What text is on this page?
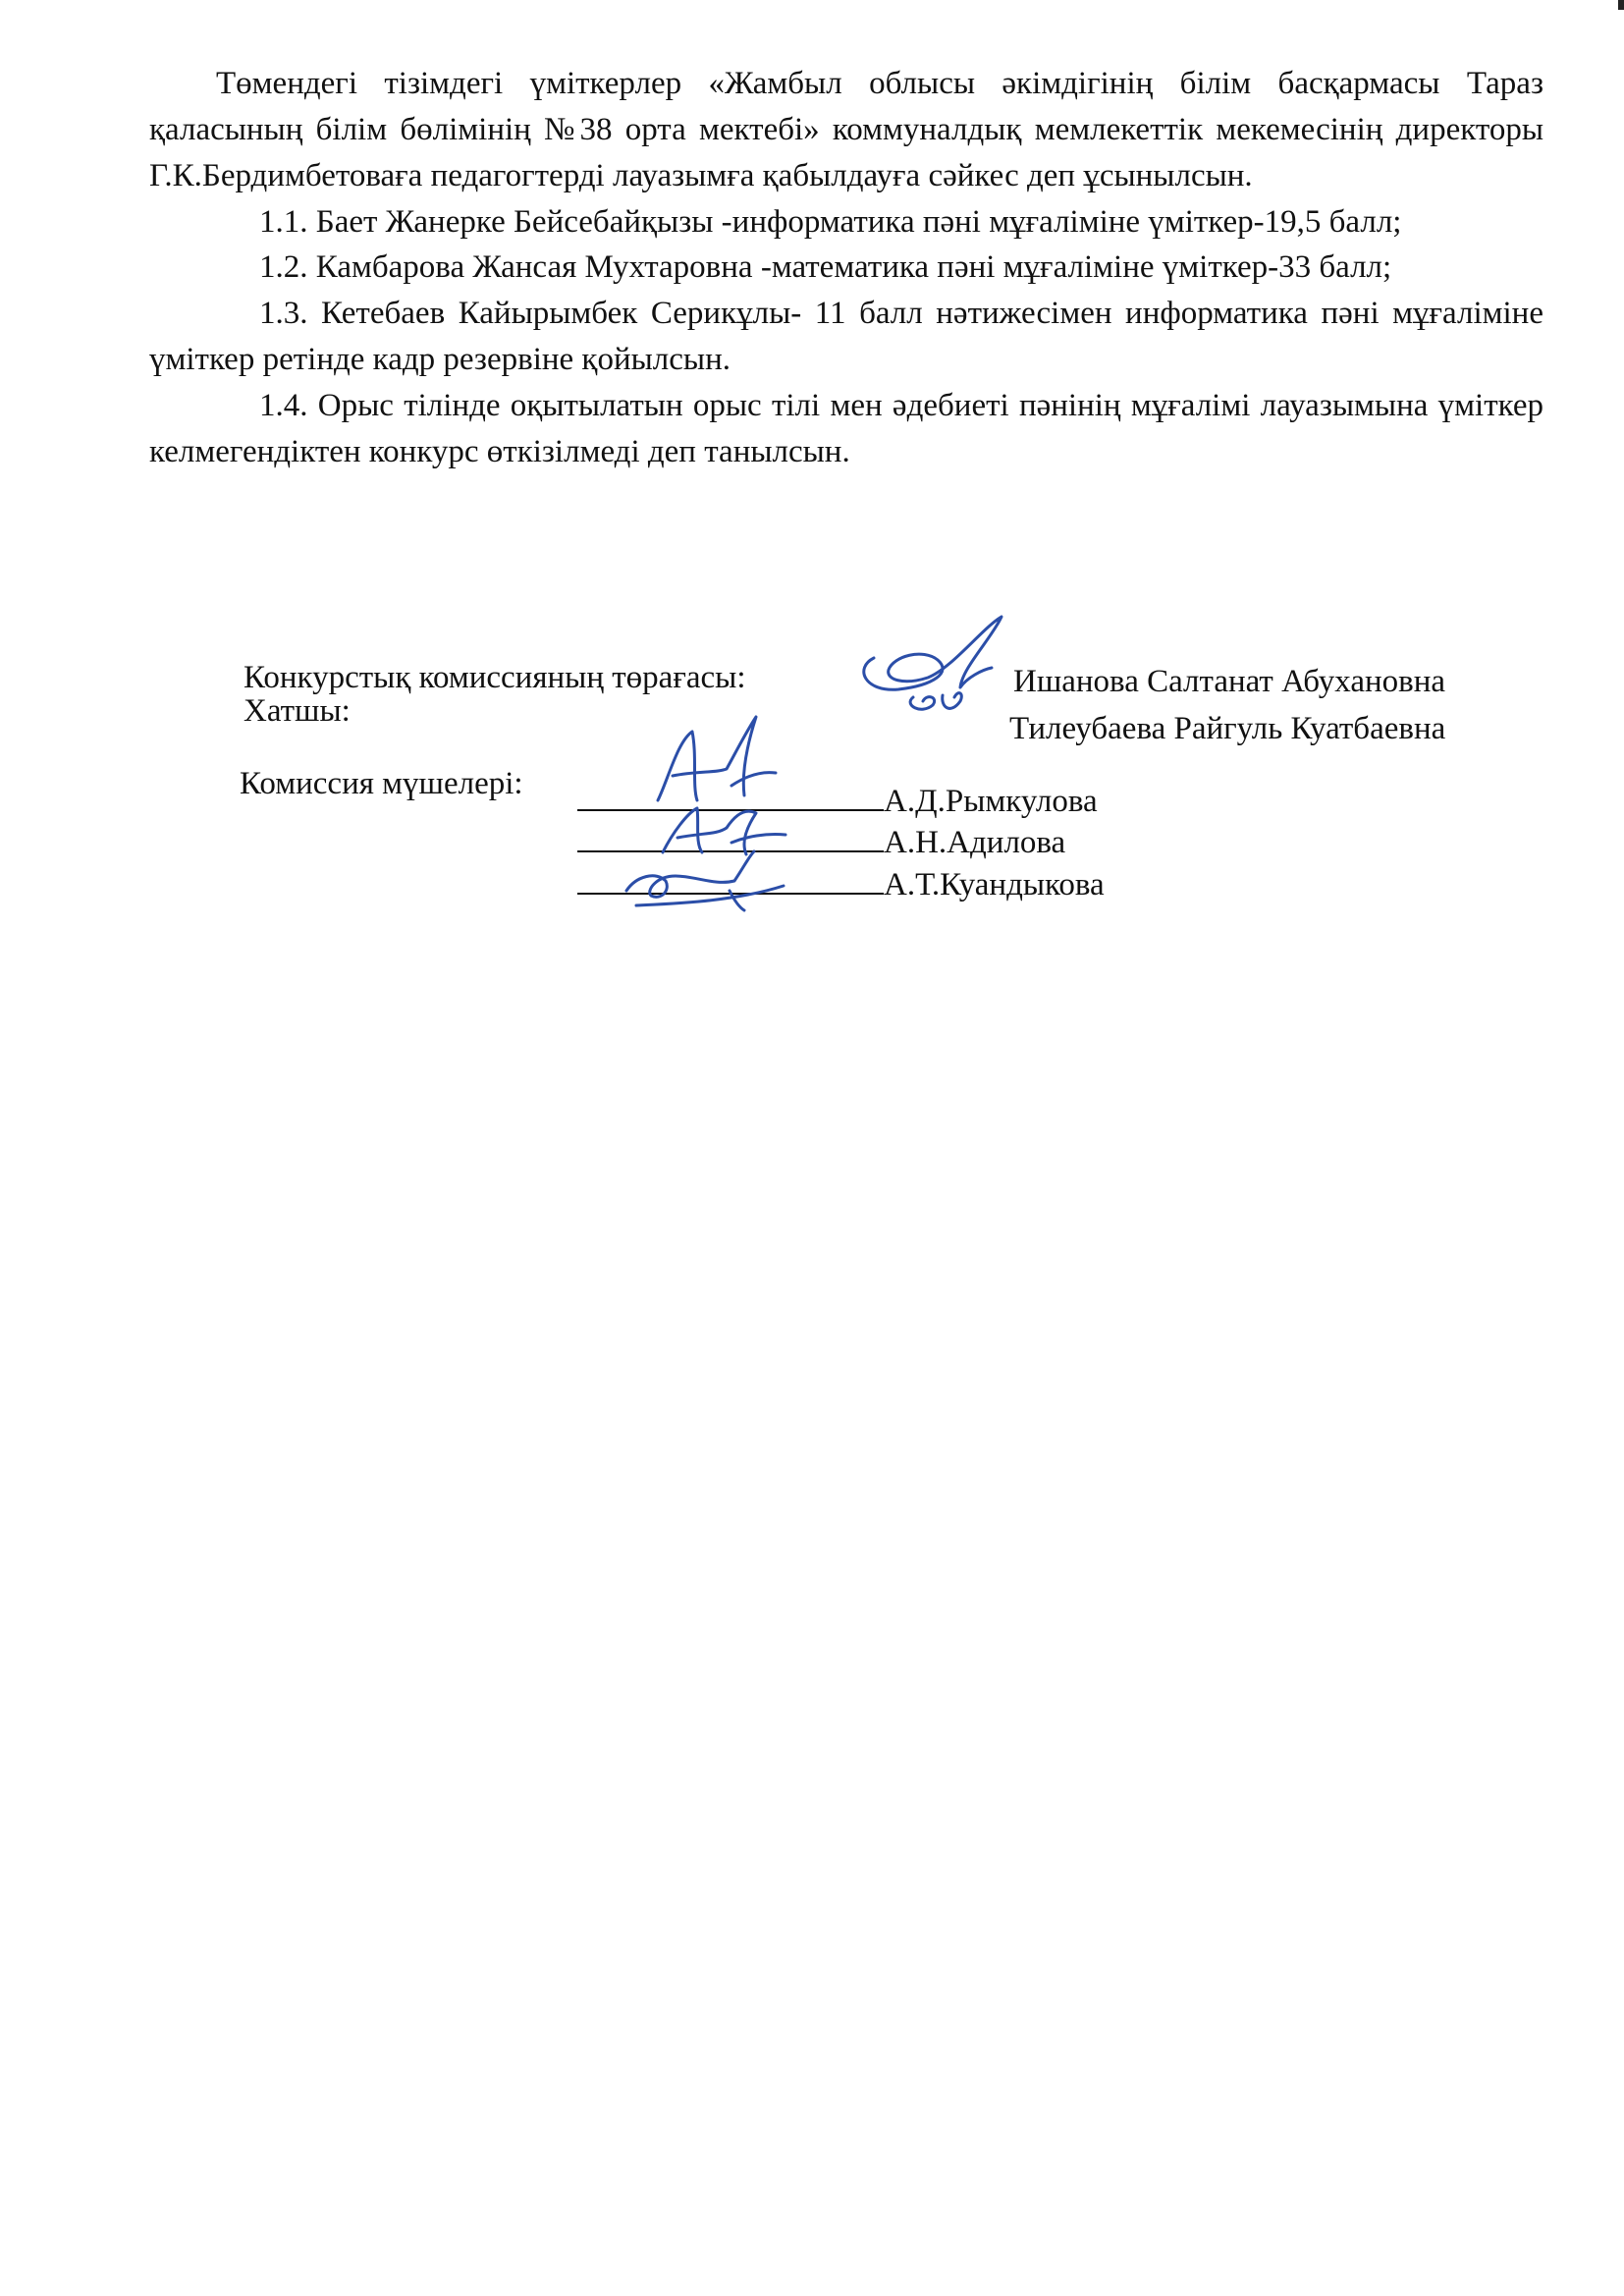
Төмендегі тізімдегі үміткерлер «Жамбыл облысы әкімдігінің білім басқармасы Тараз қаласының білім бөлімінің №38 орта мектебі» коммуналдық мемлекеттік мекемесінің директоры Г.К.Бердимбетоваға педагогтерді лауазымға қабылдауға сәйкес деп ұсынылсын.

1.1. Бает Жанерке Бейсебайқызы -информатика пәні мұғаліміне үміткер-19,5 балл;

1.2. Камбарова Жансая Мухтаровна -математика пәні мұғаліміне үміткер-33 балл;

1.3. Кетебаев Кайырымбек Серикұлы- 11 балл нәтижесімен информатика пәні мұғаліміне үміткер ретінде кадр резервіне қойылсын.

1.4. Орыс тілінде оқытылатын орыс тілі мен әдебиеті пәнінің мұғалімі лауазымына үміткер келмегендіктен конкурс өткізілмеді деп танылсын.

Конкурстық комиссияның төрағасы:	Ишанова Салтанат Абухановна
Хатшы:	Тилеубаева Райгуль Куатбаевна
Комиссия мүшелері:	А.Д.Рымкулова
А.Н.Адилова
А.Т.Куандыкова
